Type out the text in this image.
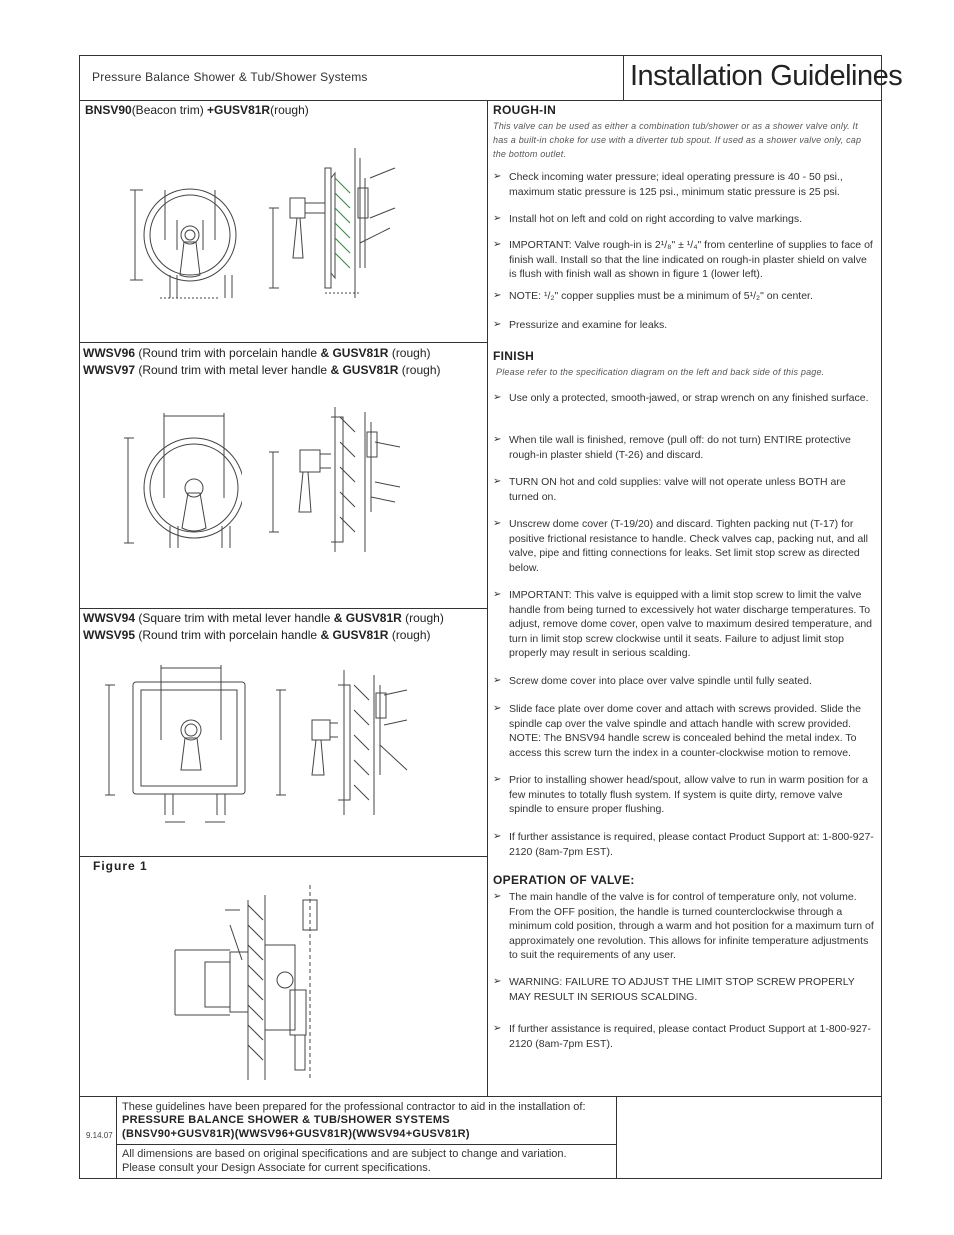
Pressure Balance Shower & Tub/Shower Systems	Installation Guidelines
BNSV90(Beacon trim) +GUSV81R(rough)
WWSV96 (Round trim with porcelain handle & GUSV81R (rough)
WWSV97 (Round trim with metal lever handle & GUSV81R (rough)
WWSV94 (Square trim with metal lever handle & GUSV81R (rough)
WWSV95 (Round trim with porcelain handle & GUSV81R (rough)
Figure 1
ROUGH-IN
This valve can be used as either a combination tub/shower or as a shower valve only. It has a built-in choke for use with a diverter tub spout. If used as a shower valve only, cap the bottom outlet.
➢ Check incoming water pressure; ideal operating pressure is 40 - 50 psi., maximum static pressure is 125 psi., minimum static pressure is 25 psi.
➢ Install hot on left and cold on right according to valve markings.
➢ IMPORTANT: Valve rough-in is 2¹/₈" ± ¹/₄" from centerline of supplies to face of finish wall. Install so that the line indicated on rough-in plaster shield on valve is flush with finish wall as shown in figure 1 (lower left).
➢ NOTE: ¹/₂" copper supplies must be a minimum of 5¹/₂" on center.
➢ Pressurize and examine for leaks.
FINISH
Please refer to the specification diagram on the left and back side of this page.
➢ Use only a protected, smooth-jawed, or strap wrench on any finished surface.
➢ When tile wall is finished, remove (pull off: do not turn) ENTIRE protective rough-in plaster shield (T-26) and discard.
➢ TURN ON hot and cold supplies: valve will not operate unless BOTH are turned on.
➢ Unscrew dome cover (T-19/20) and discard. Tighten packing nut (T-17) for positive frictional resistance to handle. Check valves cap, packing nut, and all valve, pipe and fitting connections for leaks. Set limit stop screw as directed below.
➢ IMPORTANT: This valve is equipped with a limit stop screw to limit the valve handle from being turned to excessively hot water discharge temperatures. To adjust, remove dome cover, open valve to maximum desired temperature, and turn in limit stop screw clockwise until it seats. Failure to adjust limit stop properly may result in serious scalding.
➢ Screw dome cover into place over valve spindle until fully seated.
➢ Slide face plate over dome cover and attach with screws provided. Slide the spindle cap over the valve spindle and attach handle with screw provided. NOTE: The BNSV94 handle screw is concealed behind the metal index. To access this screw turn the index in a counter-clockwise motion to remove.
➢ Prior to installing shower head/spout, allow valve to run in warm position for a few minutes to totally flush system. If system is quite dirty, remove valve spindle to ensure proper flushing.
➢ If further assistance is required, please contact Product Support at: 1-800-927-2120 (8am-7pm EST).
OPERATION OF VALVE:
➢ The main handle of the valve is for control of temperature only, not volume. From the OFF position, the handle is turned counterclockwise through a minimum cold position, through a warm and hot position for a maximum turn of approximately one revolution. This allows for infinite temperature adjustments to suit the requirements of any user.
➢ WARNING: FAILURE TO ADJUST THE LIMIT STOP SCREW PROPERLY MAY RESULT IN SERIOUS SCALDING.
➢ If further assistance is required, please contact Product Support at 1-800-927-2120 (8am-7pm EST).
9.14.07
These guidelines have been prepared for the professional contractor to aid in the installation of:
PRESSURE BALANCE SHOWER & TUB/SHOWER SYSTEMS
(BNSV90+GUSV81R)(WWSV96+GUSV81R)(WWSV94+GUSV81R)
All dimensions are based on original specifications and are subject to change and variation.
Please consult your Design Associate for current specifications.
